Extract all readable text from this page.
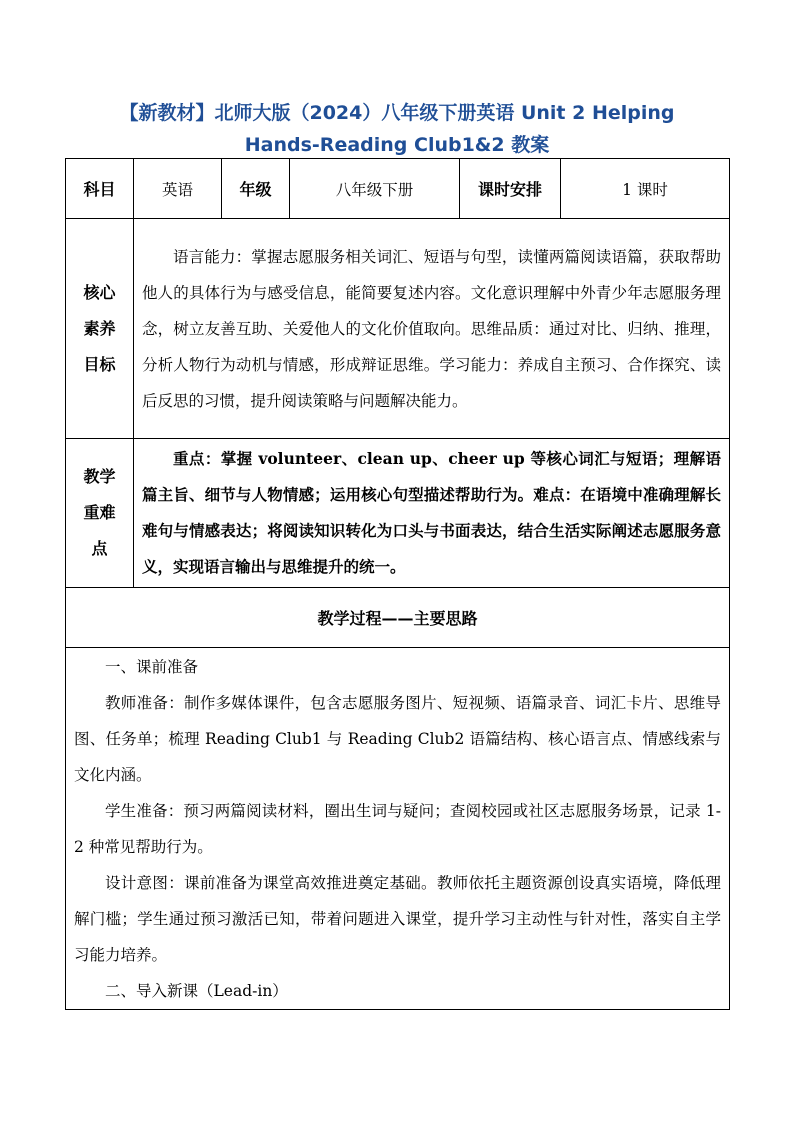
【新教材】北师大版（2024）八年级下册英语 Unit 2 Helping
Hands-Reading Club1&2 教案
科目	英语	年级	八年级下册	课时安排	1 课时

核心素养目标	语言能力：掌握志愿服务相关词汇、短语与句型，读懂两篇阅读语篇，获取帮助他人的具体行为与感受信息，能简要复述内容。文化意识理解中外青少年志愿服务理念，树立友善互助、关爱他人的文化价值取向。思维品质：通过对比、归纳、推理，分析人物行为动机与情感，形成辩证思维。学习能力：养成自主预习、合作探究、读后反思的习惯，提升阅读策略与问题解决能力。				

教学重难点	重点：掌握 volunteer、clean up、cheer up 等核心词汇与短语；理解语篇主旨、细节与人物情感；运用核心句型描述帮助行为。难点：在语境中准确理解长难句与情感表达；将阅读知识转化为口头与书面表达，结合生活实际阐述志愿服务意义，实现语言输出与思维提升的统一。				

教学过程——主要思路					

一、课前准备

教师准备：制作多媒体课件，包含志愿服务图片、短视频、语篇录音、词汇卡片、思维导图、任务单；梳理 Reading Club1 与 Reading Club2 语篇结构、核心语言点、情感线索与文化内涵。

学生准备：预习两篇阅读材料，圈出生词与疑问；查阅校园或社区志愿服务场景，记录 1-2 种常见帮助行为。

设计意图：课前准备为课堂高效推进奠定基础。教师依托主题资源创设真实语境，降低理解门槛；学生通过预习激活已知，带着问题进入课堂，提升学习主动性与针对性，落实自主学习能力培养。

二、导入新课（Lead-in）					
